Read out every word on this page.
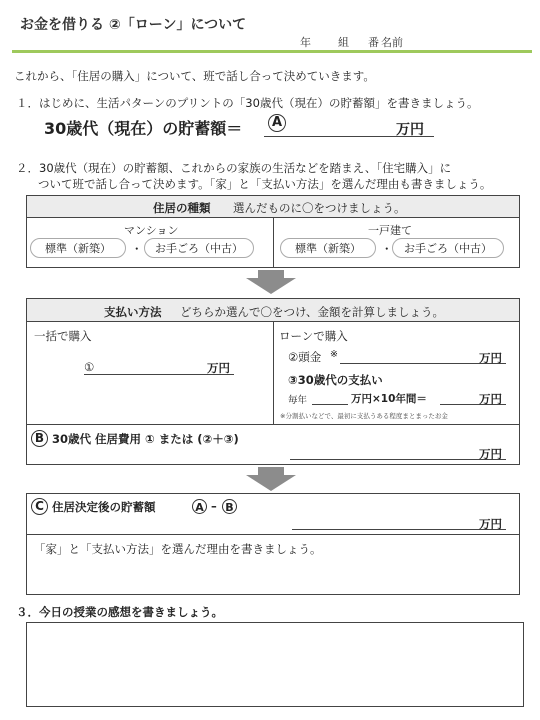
お金を借りる ②「ローン」について
年 組 番 名前
これから、「住居の購入」について、班で話し合って決めていきます。
１．はじめに、生活パターンのプリントの「30歳代（現在）の貯蓄額」を書きましょう。
30歳代（現在）の貯蓄額＝	A	万円
２．30歳代（現在）の貯蓄額、これからの家族の生活などを踏まえ、「住宅購入」に
ついて班で話し合って決めます。「家」と「支払い方法」を選んだ理由も書きましょう。
住居の種類 選んだものに〇をつけましょう。
マンション
標準（新築）	・	お手ごろ（中古）
一戸建て
標準（新築）	・	お手ごろ（中古）
支払い方法 どちらか選んで〇をつけ、金額を計算しましょう。
一括で購入
①	万円
ローンで購入
②頭金 ※	万円
③30歳代の支払い
毎年	万円×10年間＝	万円
※分割払いなどで、最初に支払うある程度まとまったお金
B 30歳代 住居費用 ① または (②＋③)
万円
C 住居決定後の貯蓄額	A – B
万円
「家」と「支払い方法」を選んだ理由を書きましょう。
３．今日の授業の感想を書きましょう。
